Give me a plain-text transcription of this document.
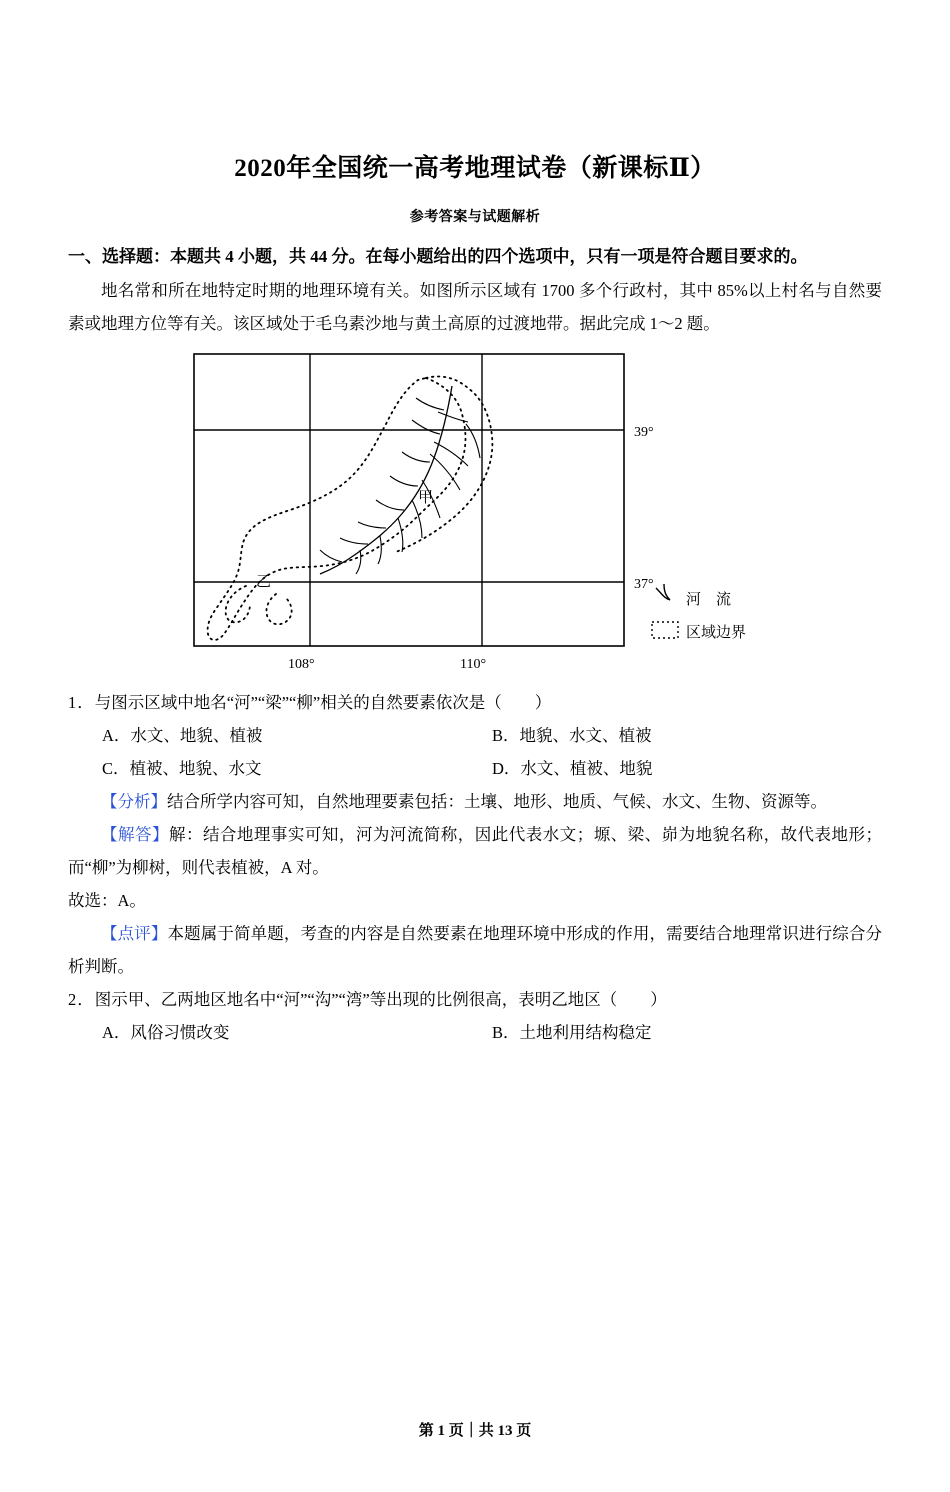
2020年全国统一高考地理试卷（新课标Ⅱ）
参考答案与试题解析
一、选择题：本题共 4 小题，共 44 分。在每小题给出的四个选项中，只有一项是符合题目要求的。

地名常和所在地特定时期的地理环境有关。如图所示区域有 1700 多个行政村，其中 85%以上村名与自然要素或地理方位等有关。该区域处于毛乌素沙地与黄土高原的过渡地带。据此完成 1～2 题。

甲
乙
39°
37°
108°	110°
河　流
区域边界
1．与图示区域中地名“河”“梁”“柳”相关的自然要素依次是（　　）
A．水文、地貌、植被	B．地貌、水文、植被
C．植被、地貌、水文	D．水文、植被、地貌

【分析】结合所学内容可知，自然地理要素包括：土壤、地形、地质、气候、水文、生物、资源等。

【解答】解：结合地理事实可知，河为河流简称，因此代表水文；塬、梁、峁为地貌名称，故代表地形；而“柳”为柳树，则代表植被，A 对。

故选：A。

【点评】本题属于简单题，考查的内容是自然要素在地理环境中形成的作用，需要结合地理常识进行综合分析判断。

2．图示甲、乙两地区地名中“河”“沟”“湾”等出现的比例很高，表明乙地区（　　）
A．风俗习惯改变	B．土地利用结构稳定
第 1 页｜共 13 页
